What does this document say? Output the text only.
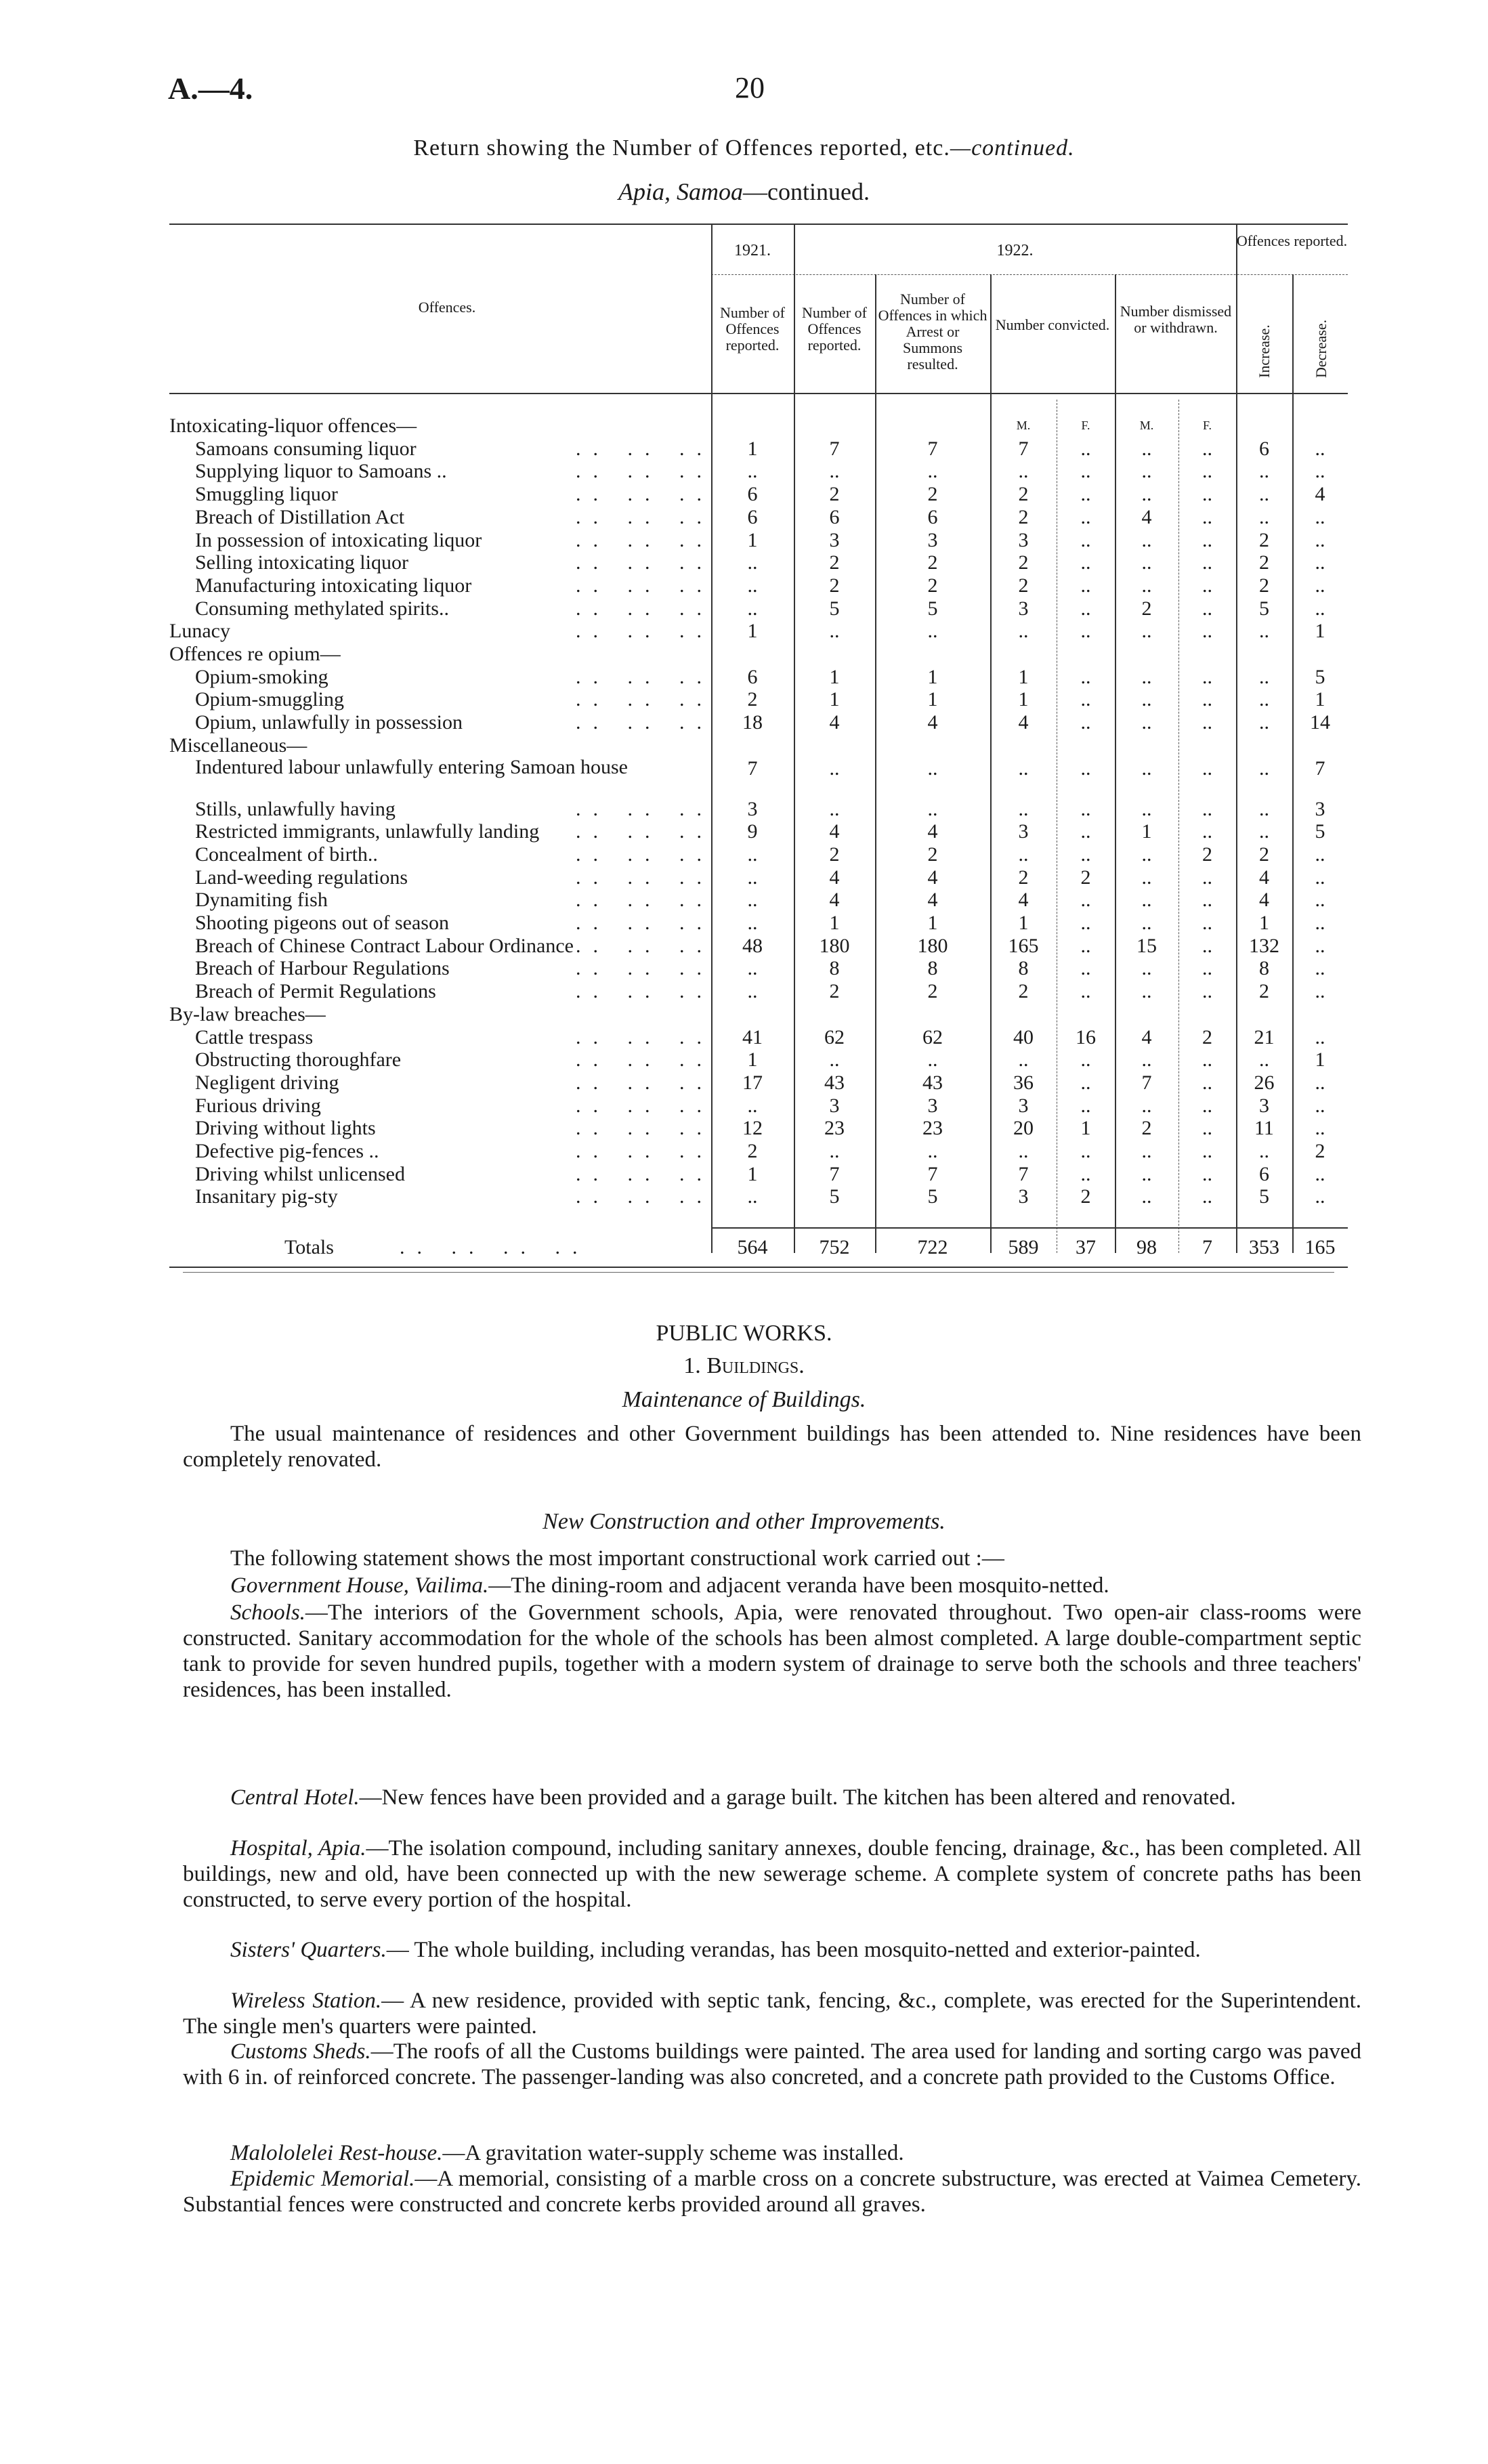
A.—4.	20
Return showing the Number of Offences reported, etc.—continued.
Apia, Samoa—continued.
Offences.
1921.	1922.
Offences reported.
Number of Offences reported.
Number of Offences reported.
Number of Offences in which Arrest or Summons resulted.
Number convicted.
Number dismissed or withdrawn.	Increase.	Decrease.
Intoxicating-liquor offences—	M.	F.	M.	F.
Samoans consuming liquor	.. .. ..	1	7	7	7	..	..	..	6	..
Supplying liquor to Samoans ..	.. .. ..	..	..	..	..	..	..	..	..	..
Smuggling liquor	.. .. ..	6	2	2	2	..	..	..	..	4
Breach of Distillation Act	.. .. ..	6	6	6	2	..	4	..	..	..
In possession of intoxicating liquor	.. .. ..	1	3	3	3	..	..	..	2	..
Selling intoxicating liquor	.. .. ..	..	2	2	2	..	..	..	2	..
Manufacturing intoxicating liquor	.. .. ..	..	2	2	2	..	..	..	2	..
Consuming methylated spirits..	.. .. ..	..	5	5	3	..	2	..	5	..
Lunacy	.. .. ..	1	..	..	..	..	..	..	..	1
Offences re opium—
Opium-smoking	.. .. ..	6	1	1	1	..	..	..	..	5
Opium-smuggling	.. .. ..	2	1	1	1	..	..	..	..	1
Opium, unlawfully in possession	.. .. ..	18	4	4	4	..	..	..	..	14
Miscellaneous—
Indentured labour unlawfully entering Samoan house	7	..	..	..	..	..	..	..	7
Stills, unlawfully having	.. .. ..	3	..	..	..	..	..	..	..	3
Restricted immigrants, unlawfully landing .. .. ..	9	4	4	3	..	1	..	..	5
Concealment of birth..	.. .. ..	..	2	2	..	..	..	2	2	..
Land-weeding regulations	.. .. ..	..	4	4	2	2	..	..	4	..
Dynamiting fish	.. .. ..	..	4	4	4	..	..	..	4	..
Shooting pigeons out of season	.. .. ..	..	1	1	1	..	..	..	1	..
Breach of Chinese Contract Labour Ordinance .. .. ..	48	180	180	165	..	15	..	132	..
Breach of Harbour Regulations	.. .. ..	..	8	8	8	..	..	..	8	..
Breach of Permit Regulations	.. .. ..	..	2	2	2	..	..	..	2	..
By-law breaches—
Cattle trespass	.. .. ..	41	62	62	40	16	4	2	21	..
Obstructing thoroughfare	.. .. ..	1	..	..	..	..	..	..	..	1
Negligent driving	.. .. ..	17	43	43	36	..	7	..	26	..
Furious driving	.. .. ..	..	3	3	3	..	..	..	3	..
Driving without lights	.. .. ..	12	23	23	20	1	2	..	11	..
Defective pig-fences ..	.. .. ..	2	..	..	..	..	..	..	..	2
Driving whilst unlicensed	.. .. ..	1	7	7	7	..	..	..	6	..
Insanitary pig-sty	.. .. ..	..	5	5	3	2	..	..	5	..
Totals	.. .. .. ..	564	752	722	589	37	98	7	353	165
PUBLIC WORKS.
1. Buildings.
Maintenance of Buildings.
The usual maintenance of residences and other Government buildings has been attended to. Nine residences have been completely renovated.
New Construction and other Improvements.
The following statement shows the most important constructional work carried out :—
Government House, Vailima.—The dining-room and adjacent veranda have been mosquito-netted.
Schools.—The interiors of the Government schools, Apia, were renovated throughout. Two open-air class-rooms were constructed. Sanitary accommodation for the whole of the schools has been almost completed. A large double-compartment septic tank to provide for seven hundred pupils, together with a modern system of drainage to serve both the schools and three teachers' residences, has been installed.
Central Hotel.—New fences have been provided and a garage built. The kitchen has been altered and renovated.
Hospital, Apia.—The isolation compound, including sanitary annexes, double fencing, drainage, &c., has been completed. All buildings, new and old, have been connected up with the new sewerage scheme. A complete system of concrete paths has been constructed, to serve every portion of the hospital.
Sisters' Quarters.— The whole building, including verandas, has been mosquito-netted and exterior-painted.
Wireless Station.— A new residence, provided with septic tank, fencing, &c., complete, was erected for the Superintendent. The single men's quarters were painted.
Customs Sheds.—The roofs of all the Customs buildings were painted. The area used for landing and sorting cargo was paved with 6 in. of reinforced concrete. The passenger-landing was also concreted, and a concrete path provided to the Customs Office.
Malololelei Rest-house.—A gravitation water-supply scheme was installed.
Epidemic Memorial.—A memorial, consisting of a marble cross on a concrete substructure, was erected at Vaimea Cemetery. Substantial fences were constructed and concrete kerbs provided around all graves.
